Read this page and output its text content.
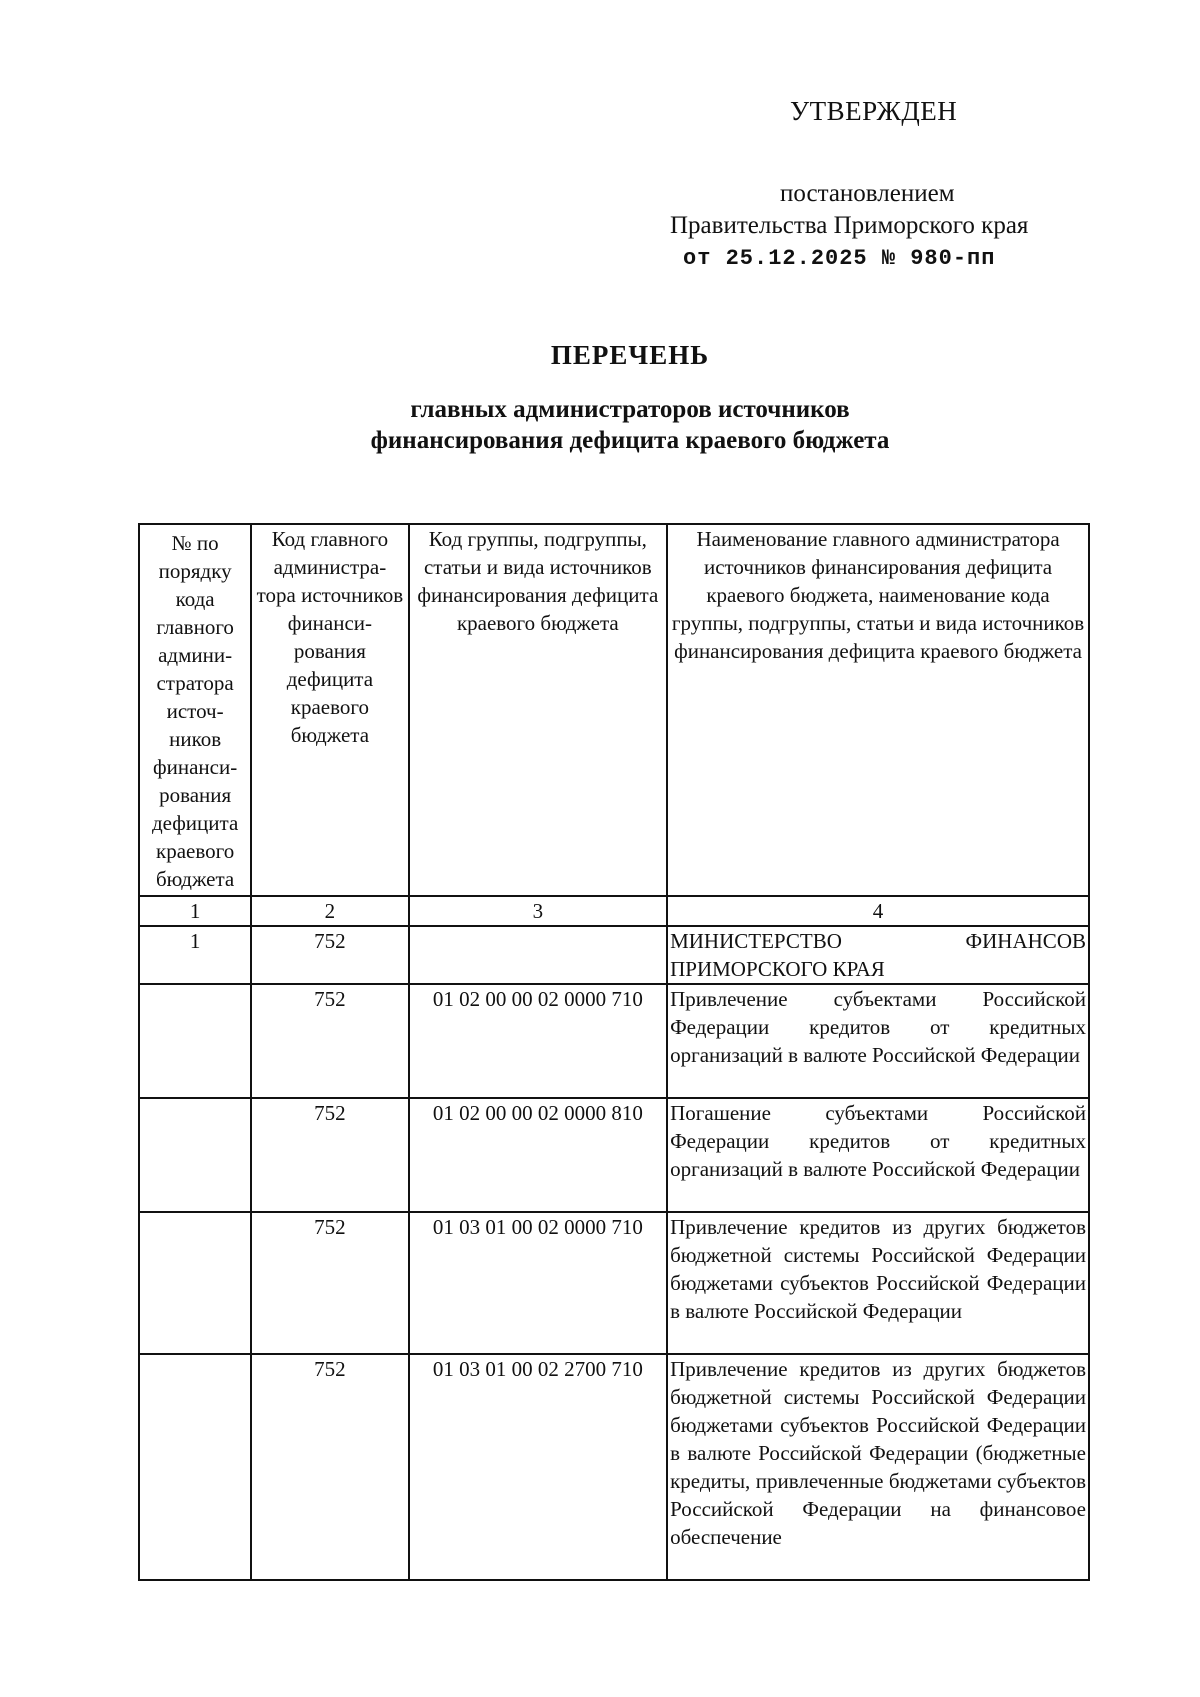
УТВЕРЖДЕН
постановлением
Правительства Приморского края
от 25.12.2025 № 980-пп
ПЕРЕЧЕНЬ
главных администраторов источников
финансирования дефицита краевого бюджета
№ по порядку кода главного админи-стратора источ-ников финанси-рования дефицита краевого бюджета	Код главного администра-тора источников финанси-рования дефицита краевого бюджета	Код группы, подгруппы, статьи и вида источников финансирования дефицита краевого бюджета	Наименование главного администратора источников финансирования дефицита краевого бюджета, наименование кода группы, подгруппы, статьи и вида источников финансирования дефицита краевого бюджета
1	2	3	4
1	752		МИНИСТЕРСТВО ФИНАНСОВ ПРИМОРСКОГО КРАЯ
	752	01 02 00 00 02 0000 710	Привлечение субъектами Российской Федерации кредитов от кредитных организаций в валюте Российской Федерации
	752	01 02 00 00 02 0000 810	Погашение субъектами Российской Федерации кредитов от кредитных организаций в валюте Российской Федерации
	752	01 03 01 00 02 0000 710	Привлечение кредитов из других бюджетов бюджетной системы Российской Федерации бюджетами субъектов Российской Федерации в валюте Российской Федерации
	752	01 03 01 00 02 2700 710	Привлечение кредитов из других бюджетов бюджетной системы Российской Федерации бюджетами субъектов Российской Федерации в валюте Российской Федерации (бюджетные кредиты, привлеченные бюджетами субъектов Российской Федерации на финансовое обеспечение
